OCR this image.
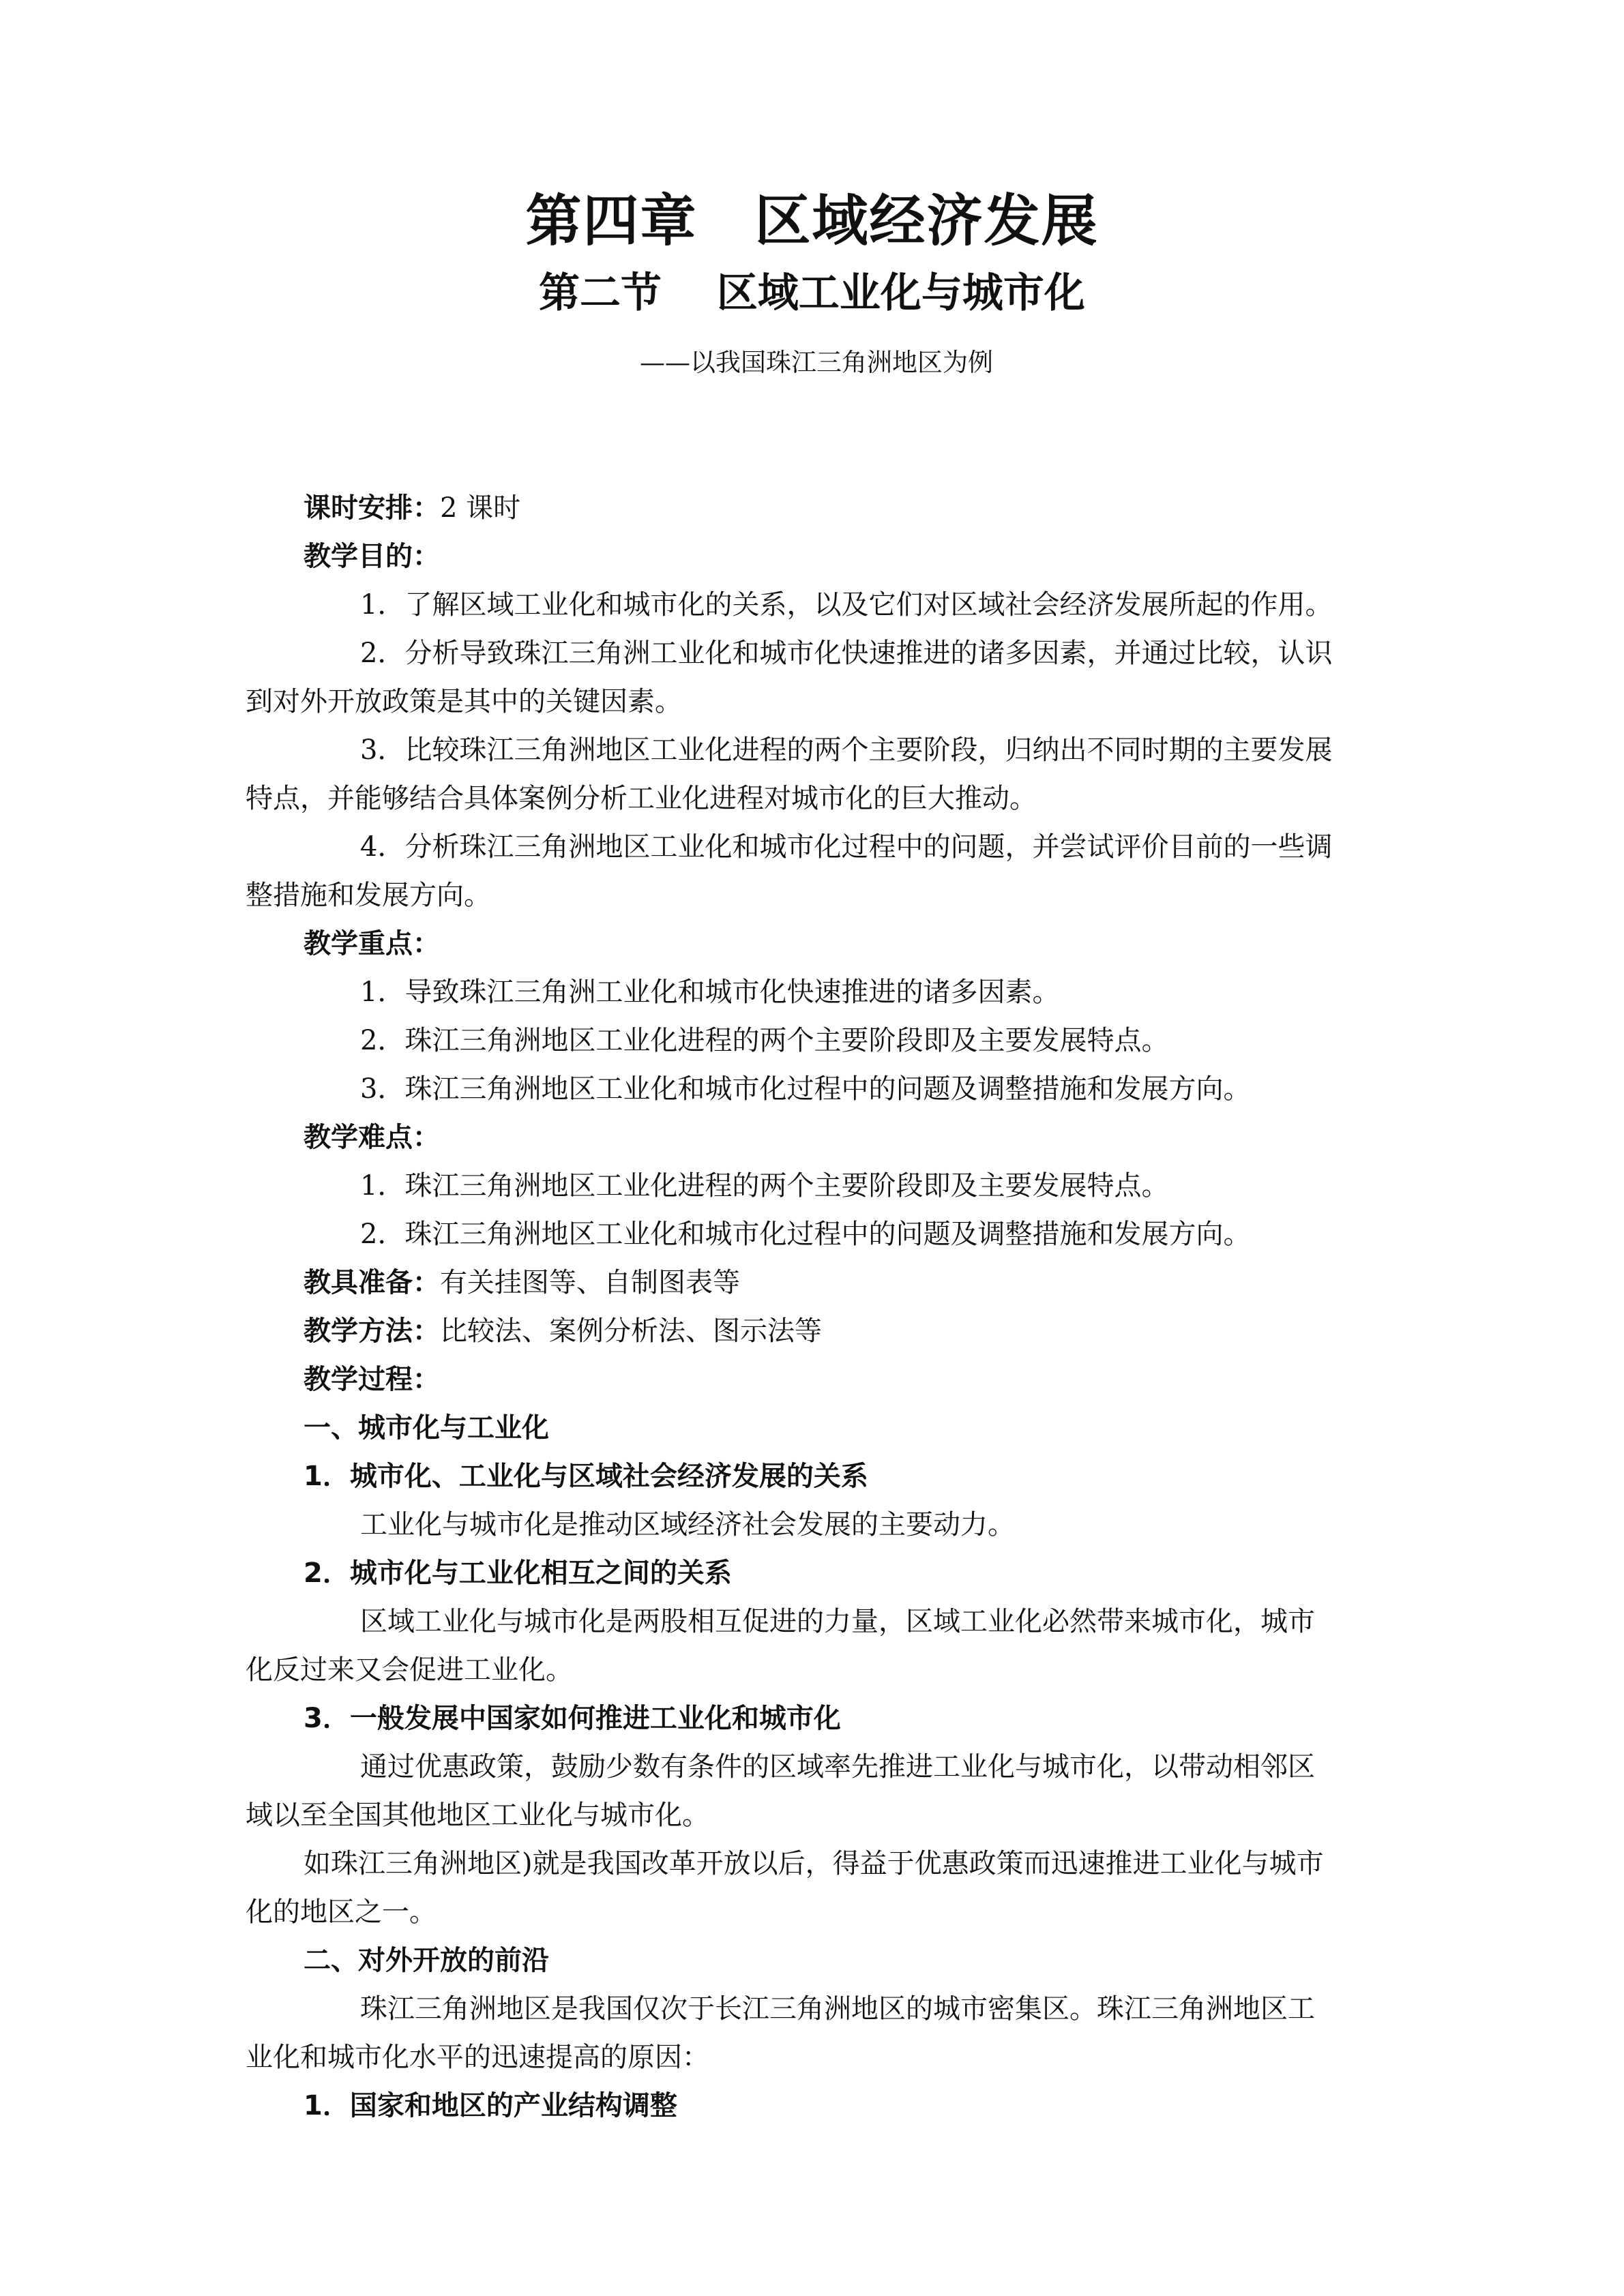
第四章　区域经济发展
第二节　 区域工业化与城市化
——以我国珠江三角洲地区为例
课时安排：2 课时
教学目的：
1．了解区域工业化和城市化的关系，以及它们对区域社会经济发展所起的作用。
2．分析导致珠江三角洲工业化和城市化快速推进的诸多因素，并通过比较，认识
到对外开放政策是其中的关键因素。
3．比较珠江三角洲地区工业化进程的两个主要阶段，归纳出不同时期的主要发展
特点，并能够结合具体案例分析工业化进程对城市化的巨大推动。
4．分析珠江三角洲地区工业化和城市化过程中的问题，并尝试评价目前的一些调
整措施和发展方向。
教学重点：
1．导致珠江三角洲工业化和城市化快速推进的诸多因素。
2．珠江三角洲地区工业化进程的两个主要阶段即及主要发展特点。
3．珠江三角洲地区工业化和城市化过程中的问题及调整措施和发展方向。
教学难点：
1．珠江三角洲地区工业化进程的两个主要阶段即及主要发展特点。
2．珠江三角洲地区工业化和城市化过程中的问题及调整措施和发展方向。
教具准备：有关挂图等、自制图表等
教学方法：比较法、案例分析法、图示法等
教学过程：
一、城市化与工业化
1．城市化、工业化与区域社会经济发展的关系
工业化与城市化是推动区域经济社会发展的主要动力。
2．城市化与工业化相互之间的关系
区域工业化与城市化是两股相互促进的力量，区域工业化必然带来城市化，城市
化反过来又会促进工业化。
3．一般发展中国家如何推进工业化和城市化
通过优惠政策，鼓励少数有条件的区域率先推进工业化与城市化，以带动相邻区
域以至全国其他地区工业化与城市化。
如珠江三角洲地区)就是我国改革开放以后，得益于优惠政策而迅速推进工业化与城市
化的地区之一。
二、对外开放的前沿
珠江三角洲地区是我国仅次于长江三角洲地区的城市密集区。珠江三角洲地区工
业化和城市化水平的迅速提高的原因：
1．国家和地区的产业结构调整
